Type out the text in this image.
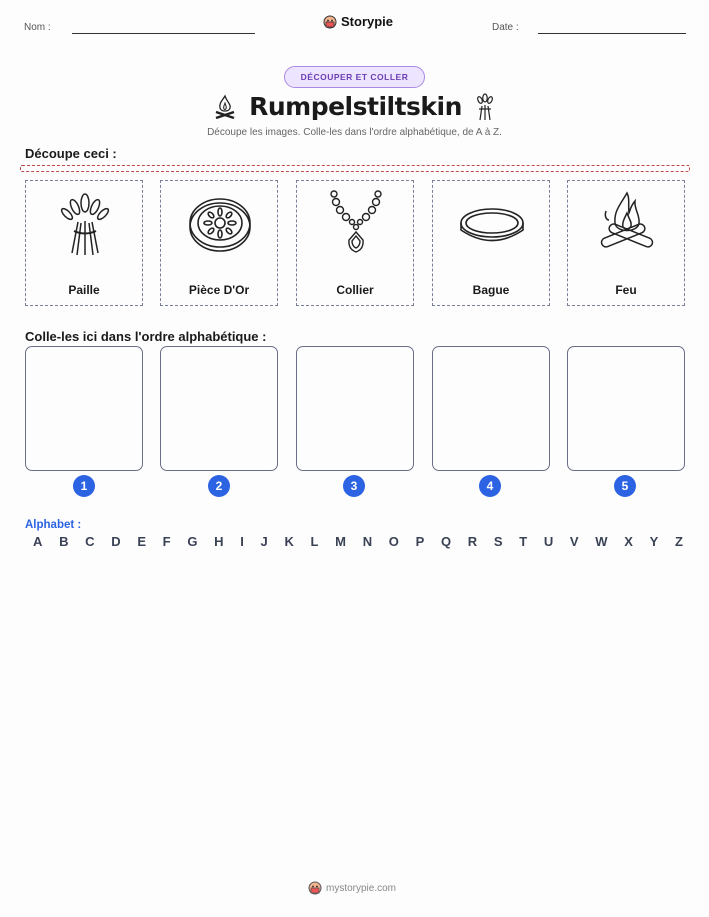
Nom :	Storypie	Date :
DÉCOUPER ET COLLER
Rumpelstiltskin
Découpe les images. Colle-les dans l'ordre alphabétique, de A à Z.
Découpe ceci :
Paille	Pièce D'Or	Collier	Bague	Feu
Colle-les ici dans l'ordre alphabétique :
1	2	3	4	5
Alphabet :
A B C D E F G H I J K L M N O P Q R S T U V W X Y Z
mystorypie.com
